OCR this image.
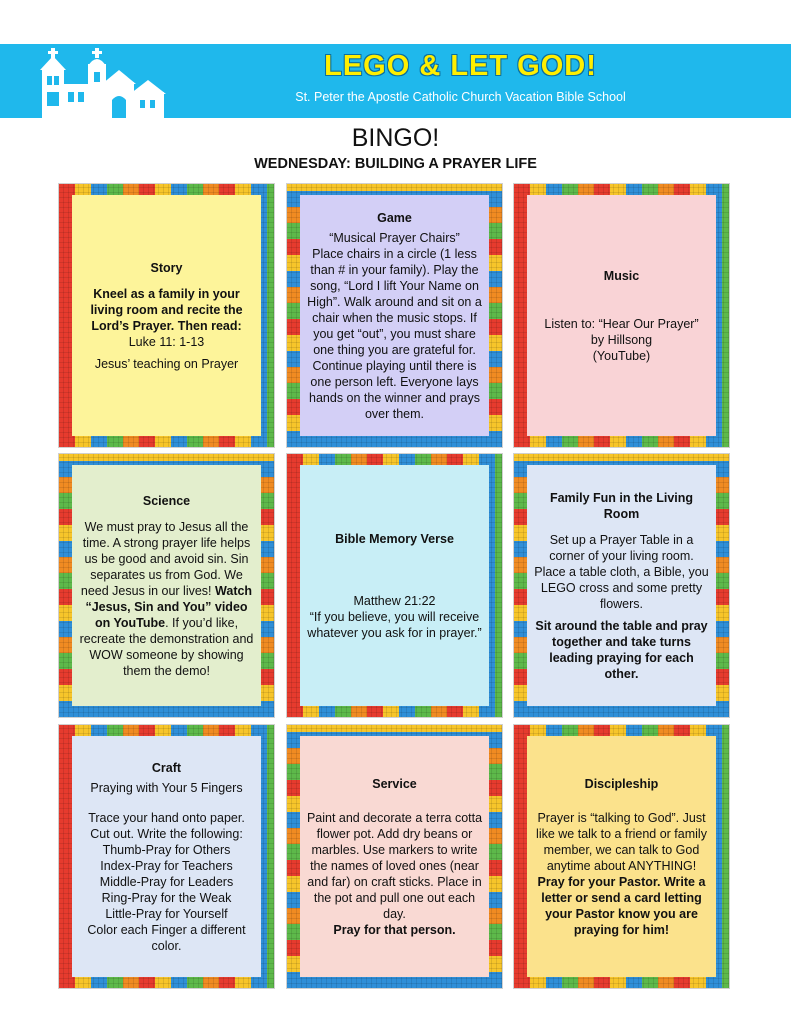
LEGO & LET GOD!
St. Peter the Apostle Catholic Church Vacation Bible School
BINGO!
WEDNESDAY: BUILDING A PRAYER LIFE

Story

Kneel as a family in your living room and recite the Lord’s Prayer. Then read:

Luke 11: 1-13

Jesus’ teaching on Prayer

Game

“Musical Prayer Chairs”

Place chairs in a circle (1 less than # in your family). Play the song, “Lord I lift Your Name on High”. Walk around and sit on a chair when the music stops. If you get “out”, you must share one thing you are grateful for. Continue playing until there is one person left. Everyone lays hands on the winner and prays over them.

Music

Listen to: “Hear Our Prayer”

by Hillsong

(YouTube)

Science

We must pray to Jesus all the time. A strong prayer life helps us be good and avoid sin. Sin separates us from God. We need Jesus in our lives! Watch “Jesus, Sin and You” video on YouTube. If you’d like, recreate the demonstration and WOW someone by showing them the demo!

Bible Memory Verse

Matthew 21:22

“If you believe, you will receive whatever you ask for in prayer.”

Family Fun in the Living Room

Set up a Prayer Table in a corner of your living room. Place a table cloth, a Bible, you LEGO cross and some pretty flowers.

Sit around the table and pray together and take turns leading praying for each other.

Craft

Praying with Your 5 Fingers

Trace your hand onto paper. Cut out. Write the following:

Thumb-Pray for Others

Index-Pray for Teachers

Middle-Pray for Leaders

Ring-Pray for the Weak

Little-Pray for Yourself

Color each Finger a different color.

Service

Paint and decorate a terra cotta flower pot. Add dry beans or marbles. Use markers to write the names of loved ones (near and far) on craft sticks. Place in the pot and pull one out each day.

Pray for that person.

Discipleship

Prayer is “talking to God”. Just like we talk to a friend or family member, we can talk to God anytime about ANYTHING!

Pray for your Pastor. Write a letter or send a card letting your Pastor know you are praying for him!
